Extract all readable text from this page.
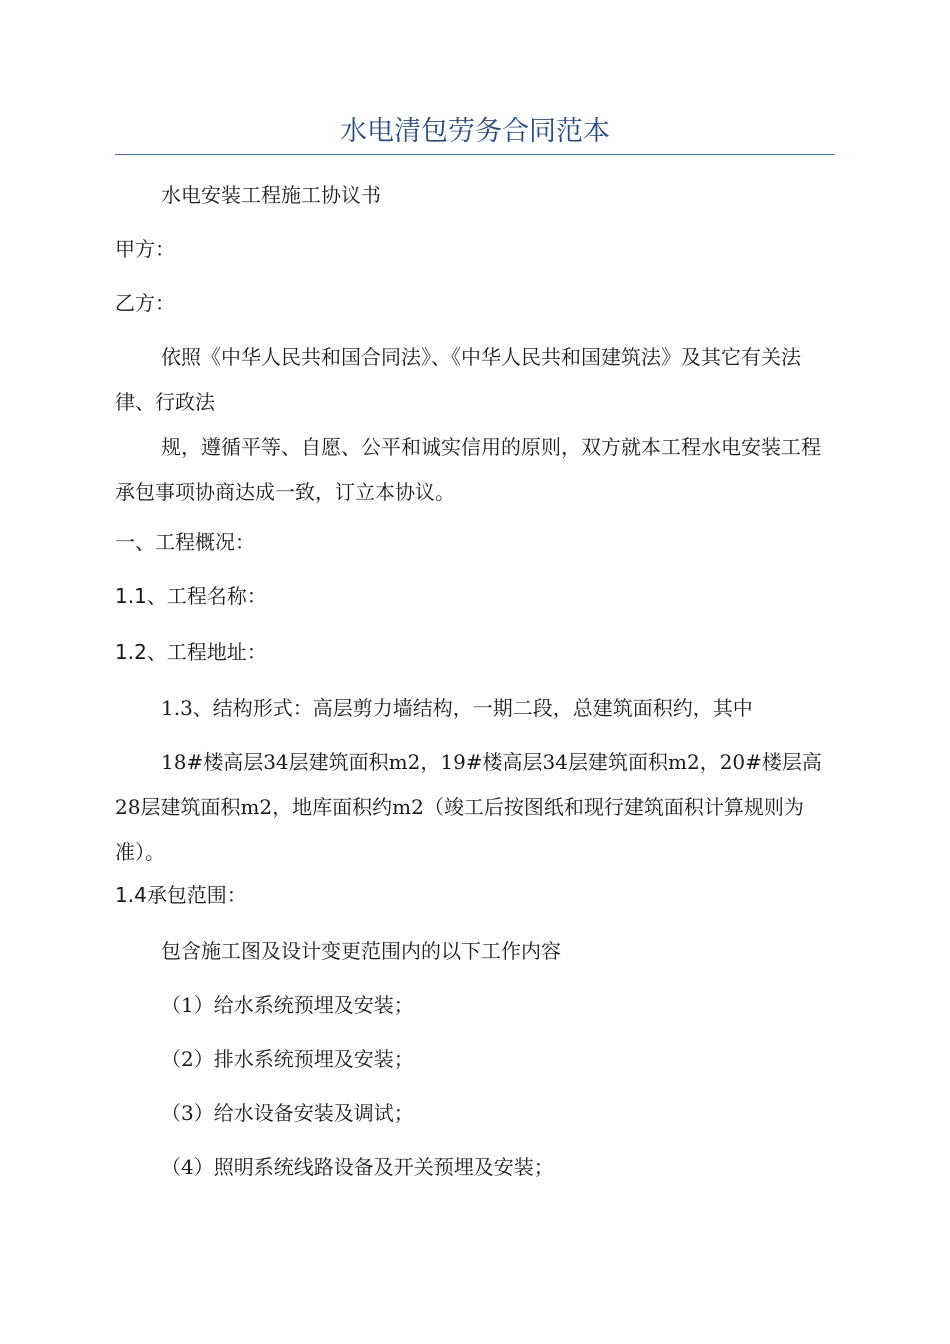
水电清包劳务合同范本
水电安装工程施工协议书
甲方：
乙方：
依照《中华人民共和国合同法》、《中华人民共和国建筑法》及其它有关法律、行政法
规，遵循平等、自愿、公平和诚实信用的原则，双方就本工程水电安装工程承包事项协商达成一致，订立本协议。
一、工程概况：
1.1、工程名称：
1.2、工程地址：
1.3、结构形式：高层剪力墙结构，一期二段，总建筑面积约，其中
18#楼高层34层建筑面积m2，19#楼高层34层建筑面积m2，20#楼层高28层建筑面积m2，地库面积约m2（竣工后按图纸和现行建筑面积计算规则为准）。
1.4承包范围：
包含施工图及设计变更范围内的以下工作内容
（1）给水系统预埋及安装；
（2）排水系统预埋及安装；
（3）给水设备安装及调试；
（4）照明系统线路设备及开关预埋及安装；
